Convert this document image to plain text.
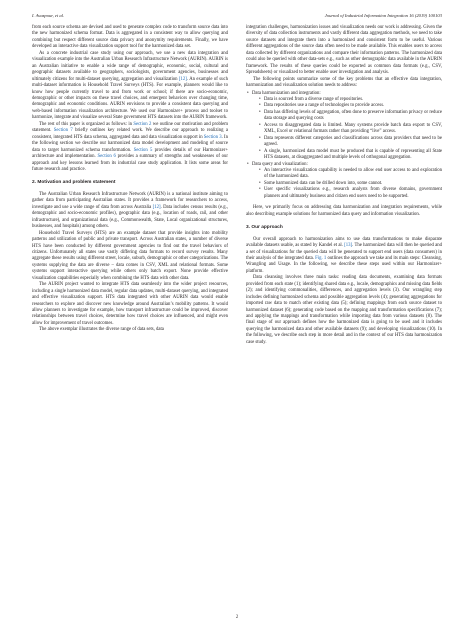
I. Avazpour, et al.	Journal of Industrial Information Integration 16 (2019) 100103

from each source schema are devised and used to generate complex code to transform source data into the new harmonized schema format. Data is aggregated in a consistent way to allow querying and combining but respect different source data privacy and anonymity requirements. Finally, we have developed an interactive data visualization support tool for the harmonized data set.

As a concrete industrial case study using our approach, we use a new data integration and visualization example into the Australian Urban Research Infrastructure Network (AURIN). AURIN is an Australian initiative to enable a wide range of demographic, economic, social, cultural and geographic datasets available to geographers, sociologists, government agencies, businesses and ultimately citizens for multi-dataset querying, aggregation and visualization [12]. An example of such multi-dataset information is Household Travel Surveys (HTS). For example, planners would like to know how people currently travel to and from work or school; if there are socio-economic, demographic or other impacts on these travel choices, and emergent behaviors over changing time, demographic and economic conditions. AURIN envisions to provide a consistent data querying and web-based information visualization architecture. We used our Harmonizer+ process and toolset to harmonize, integrate and visualize several State government HTS datasets into the AURIN framework.

The rest of this paper is organized as follows: in Section 2 we outline our motivation and problem statement. Section 7 briefly outlines key related work. We describe our approach to realizing a consistent, integrated HTS data schema, aggregated data and data visualization support in Section 3. In the following section we describe our harmonized data model development and modeling of source data to target harmonized schema transformation. Section 5 provides details of our Harmonizer+ architecture and implementation. Section 6 provides a summary of strengths and weaknesses of our approach and key lessons learned from its industrial case study application. It lists some areas for future research and practice.

2. Motivation and problem statement

The Australian Urban Research Infrastructure Network (AURIN) is a national institute aiming to gather data from participating Australian states. It provides a framework for researchers to access, investigate and use a wide range of data from across Australia [12]. Data includes census results (e.g., demographic and socio-economic profiles), geographic data (e.g., location of roads, rail, and other infrastructure), and organizational data (e.g., Commonwealth, State, Local organizational structures, businesses, and hospitals) among others.

Household Travel Surveys (HTS) are an example dataset that provide insights into mobility patterns and utilization of public and private transport. Across Australian states, a number of diverse HTS have been conducted by different government agencies to find out the travel behaviors of citizens. Unfortunately all states use vastly differing data formats to record survey results. Many aggregate these results using different street, locale, suburb, demographic or other categorizations. The systems supplying the data are diverse – data comes in CSV, XML and relational formats. Some systems support interactive querying while others only batch export. None provide effective visualization capabilities especially when combining the HTS data with other data.

The AURIN project wanted to integrate HTS data seamlessly into the wider project resources, including a single harmonized data model, regular data updates, multi-dataset querying, and integrated and effective visualization support. HTS data integrated with other AURIN data would enable researchers to explore and discover new knowledge around Australian’s mobility patterns. It would allow planners to investigate for example, how transport infrastructure could be improved, discover relationships between travel choices, determine how travel choices are influenced, and might even allow for improvement of travel outcomes.

The above exemplar illustrates the diverse range of data sets, data

integration challenges, harmonization issues and visualization needs our work is addressing. Given the diversity of data collection instruments and vastly different data aggregation methods, we need to take source datasets and integrate them into a harmonized and consistent form to be useful. Various different aggregations of the source data often need to be made available. This enables users to access data collected by different organizations and compare their information patterns. The harmonized data could also be queried with other data-sets e.g., such as other demographic data available in the AURIN framework. The results of these queries could be exported as common data formats (e.g., CSV, Spreadsheets) or visualized to better enable user investigation and analysis.

The following points summarize some of the key problems that an effective data integration, harmonization and visualization solution needs to address:

• Data harmonization and integration:
• Data is sourced from a diverse range of repositories.
• Data repositories use a range of technologies to provide access.
• Data has differing levels of aggregation, often done to preserve information privacy or reduce data storage and querying costs
• Access to disaggregated data is limited. Many systems provide batch data export to CSV, XML, Excel or relational formats rather than providing “live” access.
• Data represents different categories and classifications across data providers that need to be agreed.
• A single, harmonized data model must be produced that is capable of representing all State HTS datasets, at disaggregated and multiple levels of orthogonal aggregation.
• Data query and visualization:
• An interactive visualization capability is needed to allow end user access to and exploration of the harmonized data.
• Some harmonized data can be drilled down into, some cannot.
• User specific visualizations e.g., research analysts from diverse domains, government planners and ultimately business and citizen end users need to be supported.

Here, we primarily focus on addressing data harmonization and integration requirements, while also describing example solutions for harmonized data query and information visualization.

3. Our approach

Our overall approach to harmonization aims to use data transformations to make disparate available datasets usable, as stated by Kandel et al. [13]. The harmonized data will then be queried and a set of visualizations for the queried data will be generated to support end users (data consumers) in their analysis of the integrated data. Fig. 1 outlines the approach we take and its main steps: Cleansing, Wrangling and Usage. In the following, we describe these steps used within our Harmonizer+ platform.

Data cleansing involves three main tasks: reading data documents, examining data formats provided from each state (1); identifying shared data e.g., locale, demographics and missing data fields (2); and identifying commonalities, differences, and aggregation levels (3). Our wrangling step includes defining harmonized schema and possible aggregation levels (4); generating aggregations for imported raw data to match other existing data (5); defining mappings from each source dataset to harmonized dataset (6); generating code based on the mapping and transformation specifications (7); and applying the mappings and transformation while importing data from various datasets (8). The final stage of our approach defines how the harmonized data is going to be used and it includes querying the harmonized data and other available datasets (9); and developing visualizations (10). In the following, we describe each step in more detail and in the context of our HTS data harmonization case study.

2
